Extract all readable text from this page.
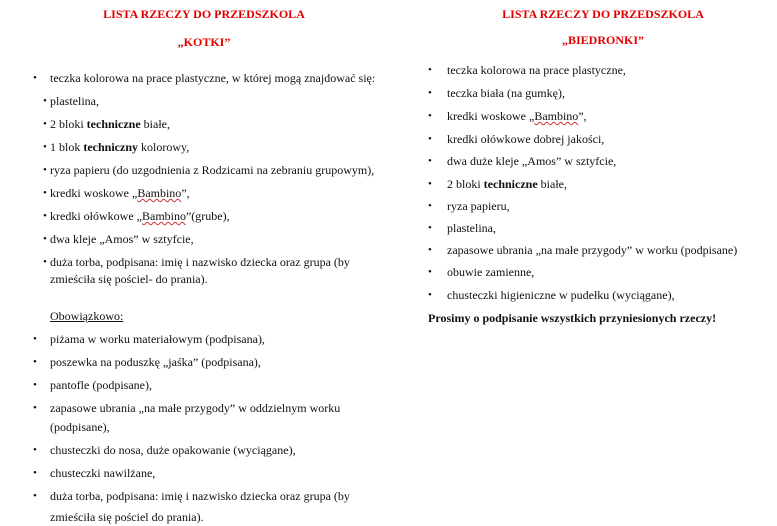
LISTA RZECZY DO PRZEDSZKOLA
„KOTKI”
• teczka kolorowa na prace plastyczne, w której mogą znajdować się:
• plastelina,
• 2 bloki techniczne białe,
• 1 blok techniczny kolorowy,
• ryza papieru (do uzgodnienia z Rodzicami na zebraniu grupowym),
• kredki woskowe „Bambino”,
• kredki ołówkowe „Bambino”(grube),
• dwa kleje „Amos” w sztyfcie,
• duża torba, podpisana: imię i nazwisko dziecka oraz grupa (by
zmieściła się pościel- do prania).
Obowiązkowo:
• piżama w worku materiałowym (podpisana),
• poszewka na poduszkę „jaśka” (podpisana),
• pantofle (podpisane),
• zapasowe ubrania „na małe przygody” w oddzielnym worku
• chusteczki do nosa, duże opakowanie (wyciągane),
• chusteczki nawilżane,
• duża torba, podpisana: imię i nazwisko dziecka oraz grupa (by
(podpisane),
zmieściła się pościel do prania).
LISTA RZECZY DO PRZEDSZKOLA
„BIEDRONKI”
• teczka kolorowa na prace plastyczne,
• teczka biała (na gumkę),
• kredki woskowe „Bambino”,
• kredki ołówkowe dobrej jakości,
• dwa duże kleje „Amos” w sztyfcie,
• 2 bloki techniczne białe,
• ryza papieru,
• plastelina,
• zapasowe ubrania „na małe przygody” w worku (podpisane)
• obuwie zamienne,
• chusteczki higieniczne w pudełku (wyciągane),
Prosimy o podpisanie wszystkich przyniesionych rzeczy!
